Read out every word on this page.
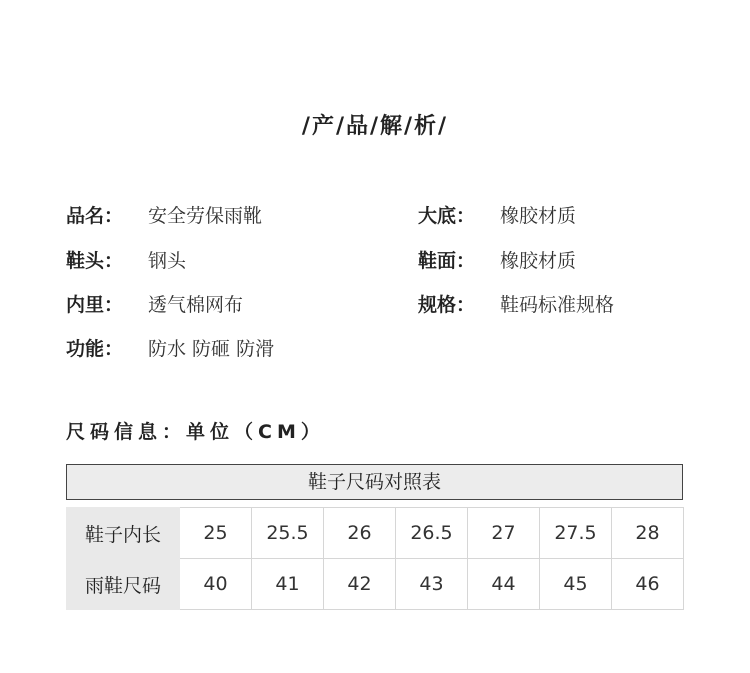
/产/品/解/析/
品名： 安全劳保雨靴	大底： 橡胶材质
鞋头： 钢头	鞋面： 橡胶材质
内里： 透气棉网布	规格： 鞋码标准规格
功能： 防水 防砸 防滑
尺码信息：单位（CM）
鞋子尺码对照表
鞋子内长	25	25.5	26	26.5	27	27.5	28
雨鞋尺码	40	41	42	43	44	45	46
